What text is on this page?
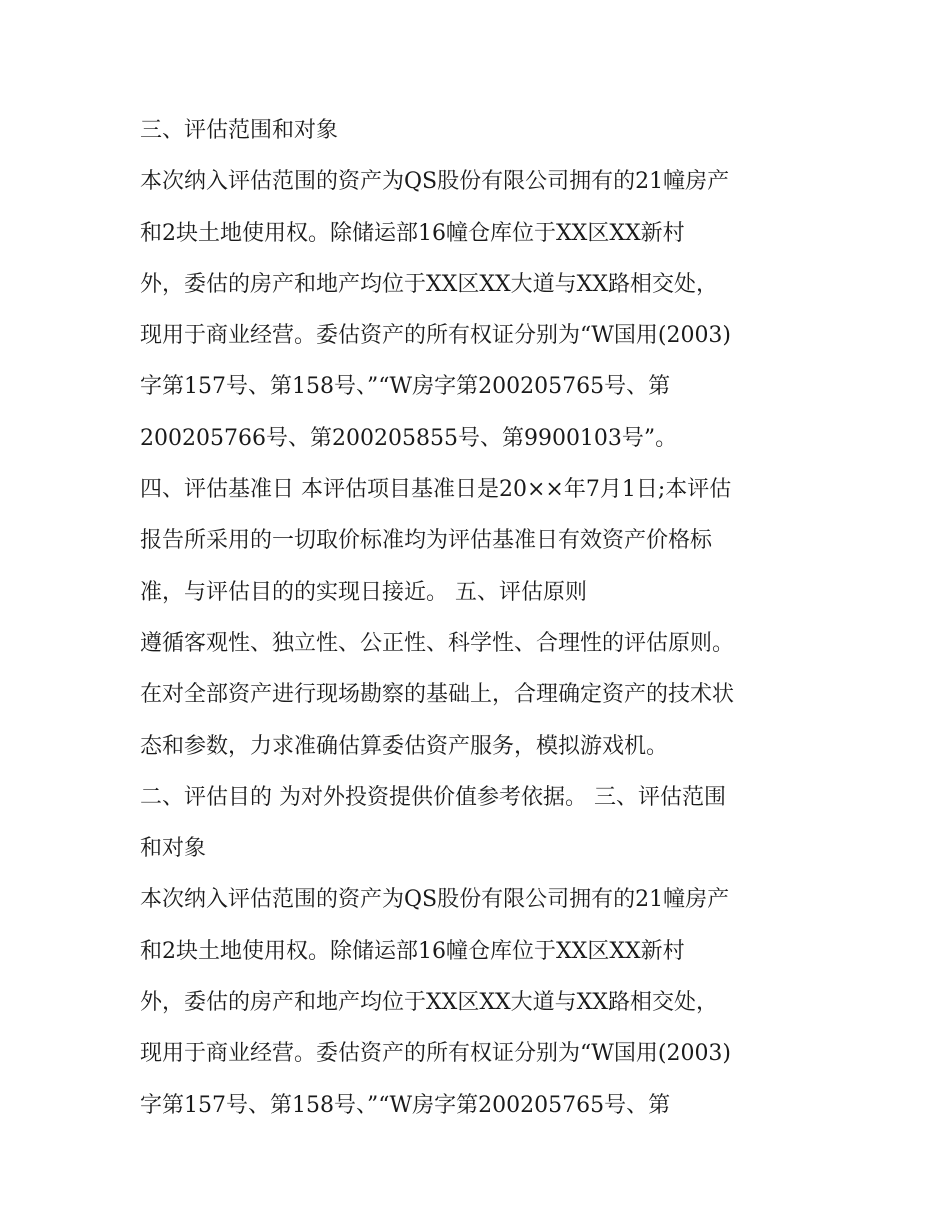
三、评估范围和对象
本次纳入评估范围的资产为QS股份有限公司拥有的21幢房产
和2块土地使用权。除储运部16幢仓库位于XX区XX新村
外，委估的房产和地产均位于XX区XX大道与XX路相交处，
现用于商业经营。委估资产的所有权证分别为“W国用(2003)
字第157号、第158号、”“W房字第200205765号、第
200205766号、第200205855号、第9900103号”。
四、评估基准日 本评估项目基准日是20××年7月1日;本评估
报告所采用的一切取价标准均为评估基准日有效资产价格标
准，与评估目的的实现日接近。 五、评估原则
遵循客观性、独立性、公正性、科学性、合理性的评估原则。
在对全部资产进行现场勘察的基础上，合理确定资产的技术状
态和参数，力求准确估算委估资产服务，模拟游戏机。
二、评估目的 为对外投资提供价值参考依据。 三、评估范围
和对象
本次纳入评估范围的资产为QS股份有限公司拥有的21幢房产
和2块土地使用权。除储运部16幢仓库位于XX区XX新村
外，委估的房产和地产均位于XX区XX大道与XX路相交处，
现用于商业经营。委估资产的所有权证分别为“W国用(2003)
字第157号、第158号、”“W房字第200205765号、第
